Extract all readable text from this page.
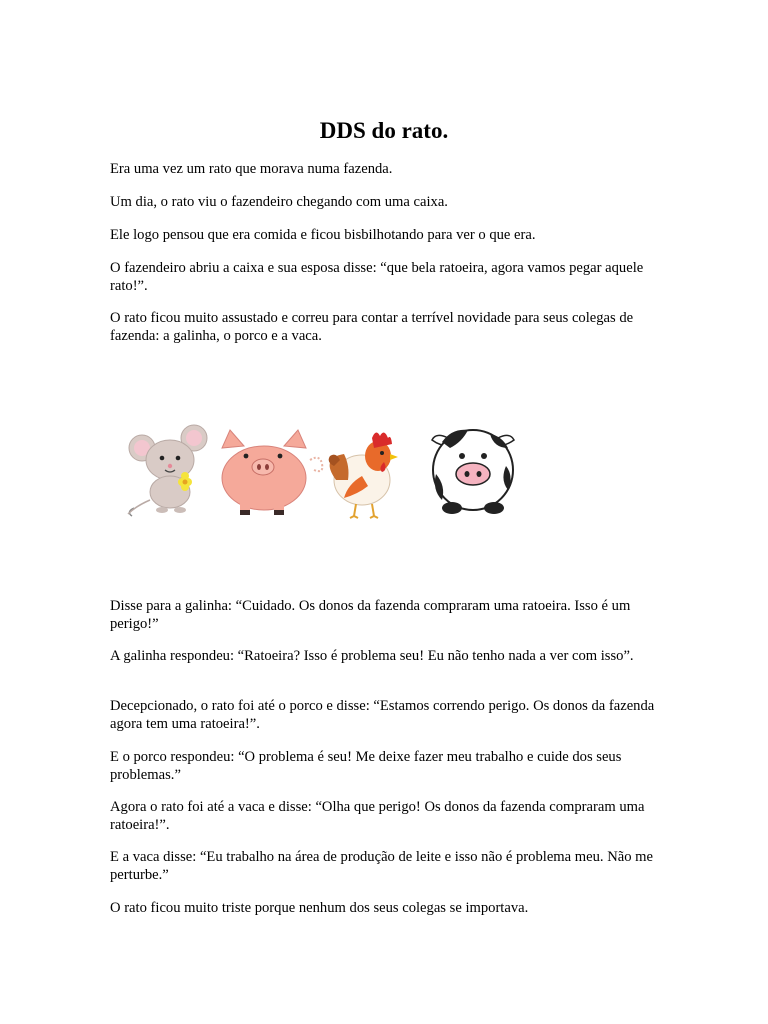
DDS do rato.

Era uma vez um rato que morava numa fazenda.

Um dia, o rato viu o fazendeiro chegando com uma caixa.

Ele logo pensou que era comida e ficou bisbilhotando para ver o que era.

O fazendeiro abriu a caixa e sua esposa disse: “que bela ratoeira, agora vamos pegar aquele rato!”.

O rato ficou muito assustado e correu para contar a terrível novidade para seus colegas de fazenda: a galinha, o porco e a vaca.

Disse para a galinha: “Cuidado. Os donos da fazenda compraram uma ratoeira. Isso é um perigo!”

A galinha respondeu: “Ratoeira? Isso é problema seu! Eu não tenho nada a ver com isso”.

Decepcionado, o rato foi até o porco e disse: “Estamos correndo perigo. Os donos da fazenda agora tem uma ratoeira!”.

E o porco respondeu: “O problema é seu! Me deixe fazer meu trabalho e cuide dos seus problemas.”

Agora o rato foi até a vaca e disse: “Olha que perigo! Os donos da fazenda compraram uma ratoeira!”.

E a vaca disse: “Eu trabalho na área de produção de leite e isso não é problema meu. Não me perturbe.”

O rato ficou muito triste porque nenhum dos seus colegas se importava.
